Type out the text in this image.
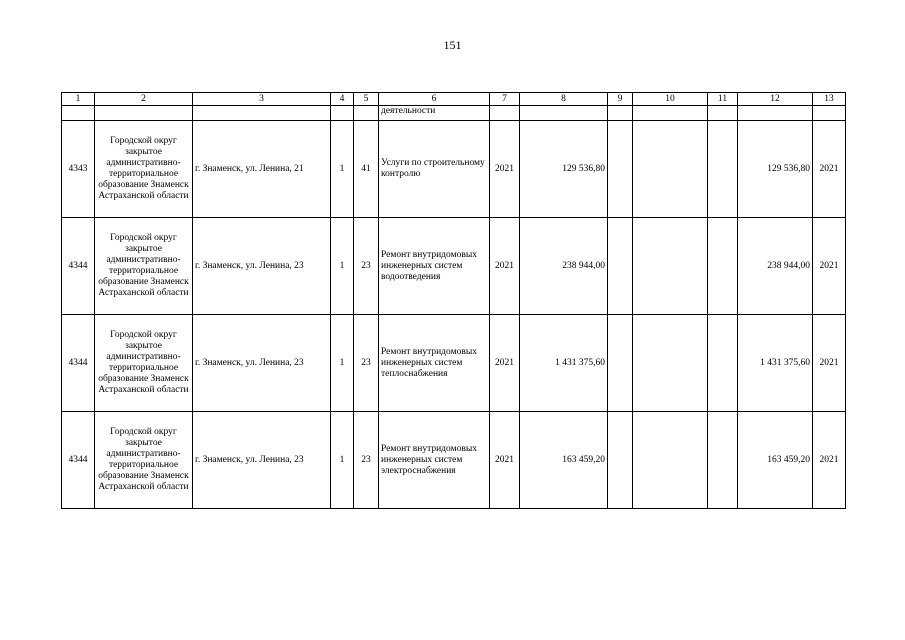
151
1	2	3	4	5	6	7	8	9	10	11	12	13
					деятельности							
4343	Городской округ закрытое административно-территориальное образование Знаменск Астраханской области	г. Знаменск, ул. Ленина, 21	1	41	Услуги по строительному контролю	2021	129 536,80				129 536,80	2021
4344	Городской округ закрытое административно-территориальное образование Знаменск Астраханской области	г. Знаменск, ул. Ленина, 23	1	23	Ремонт внутридомовых инженерных систем водоотведения	2021	238 944,00				238 944,00	2021
4344	Городской округ закрытое административно-территориальное образование Знаменск Астраханской области	г. Знаменск, ул. Ленина, 23	1	23	Ремонт внутридомовых инженерных систем теплоснабжения	2021	1 431 375,60				1 431 375,60	2021
4344	Городской округ закрытое административно-территориальное образование Знаменск Астраханской области	г. Знаменск, ул. Ленина, 23	1	23	Ремонт внутридомовых инженерных систем электроснабжения	2021	163 459,20				163 459,20	2021
